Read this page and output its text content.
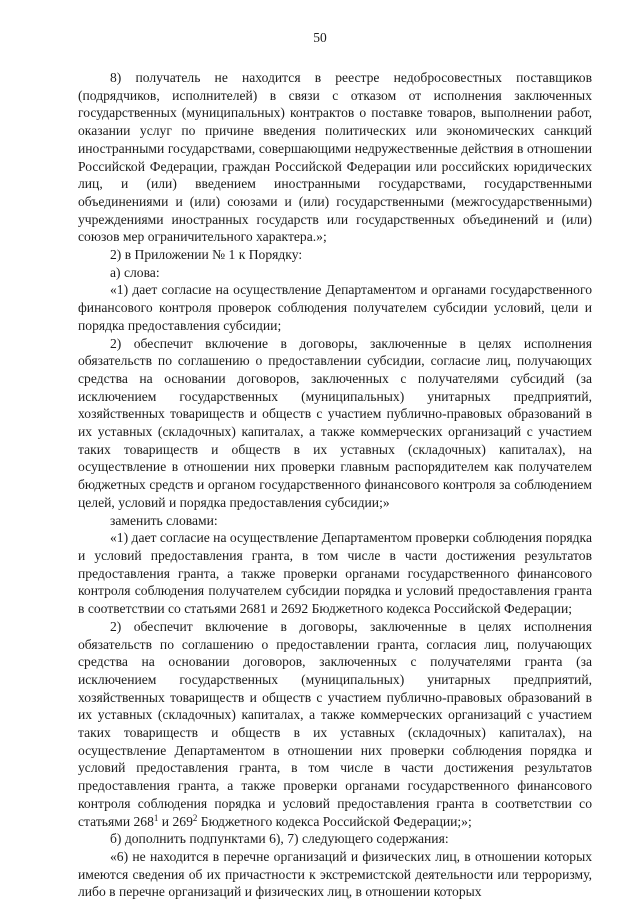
50

8) получатель не находится в реестре недобросовестных поставщиков (подрядчиков, исполнителей) в связи с отказом от исполнения заключенных государственных (муниципальных) контрактов о поставке товаров, выполнении работ, оказании услуг по причине введения политических или экономических санкций иностранными государствами, совершающими недружественные действия в отношении Российской Федерации, граждан Российской Федерации или российских юридических лиц, и (или) введением иностранными государствами, государственными объединениями и (или) союзами и (или) государственными (межгосударственными) учреждениями иностранных государств или государственных объединений и (или) союзов мер ограничительного характера.»;

2) в Приложении № 1 к Порядку:

а) слова:

«1) дает согласие на осуществление Департаментом и органами государственного финансового контроля проверок соблюдения получателем субсидии условий, цели и порядка предоставления субсидии;

2) обеспечит включение в договоры, заключенные в целях исполнения обязательств по соглашению о предоставлении субсидии, согласие лиц, получающих средства на основании договоров, заключенных с получателями субсидий (за исключением государственных (муниципальных) унитарных предприятий, хозяйственных товариществ и обществ с участием публично-правовых образований в их уставных (складочных) капиталах, а также коммерческих организаций с участием таких товариществ и обществ в их уставных (складочных) капиталах), на осуществление в отношении них проверки главным распорядителем как получателем бюджетных средств и органом государственного финансового контроля за соблюдением целей, условий и порядка предоставления субсидии;»

заменить словами:

«1) дает согласие на осуществление Департаментом проверки соблюдения порядка и условий предоставления гранта, в том числе в части достижения результатов предоставления гранта, а также проверки органами государственного финансового контроля соблюдения получателем субсидии порядка и условий предоставления гранта в соответствии со статьями 2681 и 2692 Бюджетного кодекса Российской Федерации;

2) обеспечит включение в договоры, заключенные в целях исполнения обязательств по соглашению о предоставлении гранта, согласия лиц, получающих средства на основании договоров, заключенных с получателями гранта (за исключением государственных (муниципальных) унитарных предприятий, хозяйственных товариществ и обществ с участием публично-правовых образований в их уставных (складочных) капиталах, а также коммерческих организаций с участием таких товариществ и обществ в их уставных (складочных) капиталах), на осуществление Департаментом в отношении них проверки соблюдения порядка и условий предоставления гранта, в том числе в части достижения результатов предоставления гранта, а также проверки органами государственного финансового контроля соблюдения порядка и условий предоставления гранта в соответствии со статьями $268^1$ и $269^2$ Бюджетного кодекса Российской Федерации;»;

б) дополнить подпунктами 6), 7) следующего содержания:

«6) не находится в перечне организаций и физических лиц, в отношении которых имеются сведения об их причастности к экстремистской деятельности или терроризму, либо в перечне организаций и физических лиц, в отношении которых
